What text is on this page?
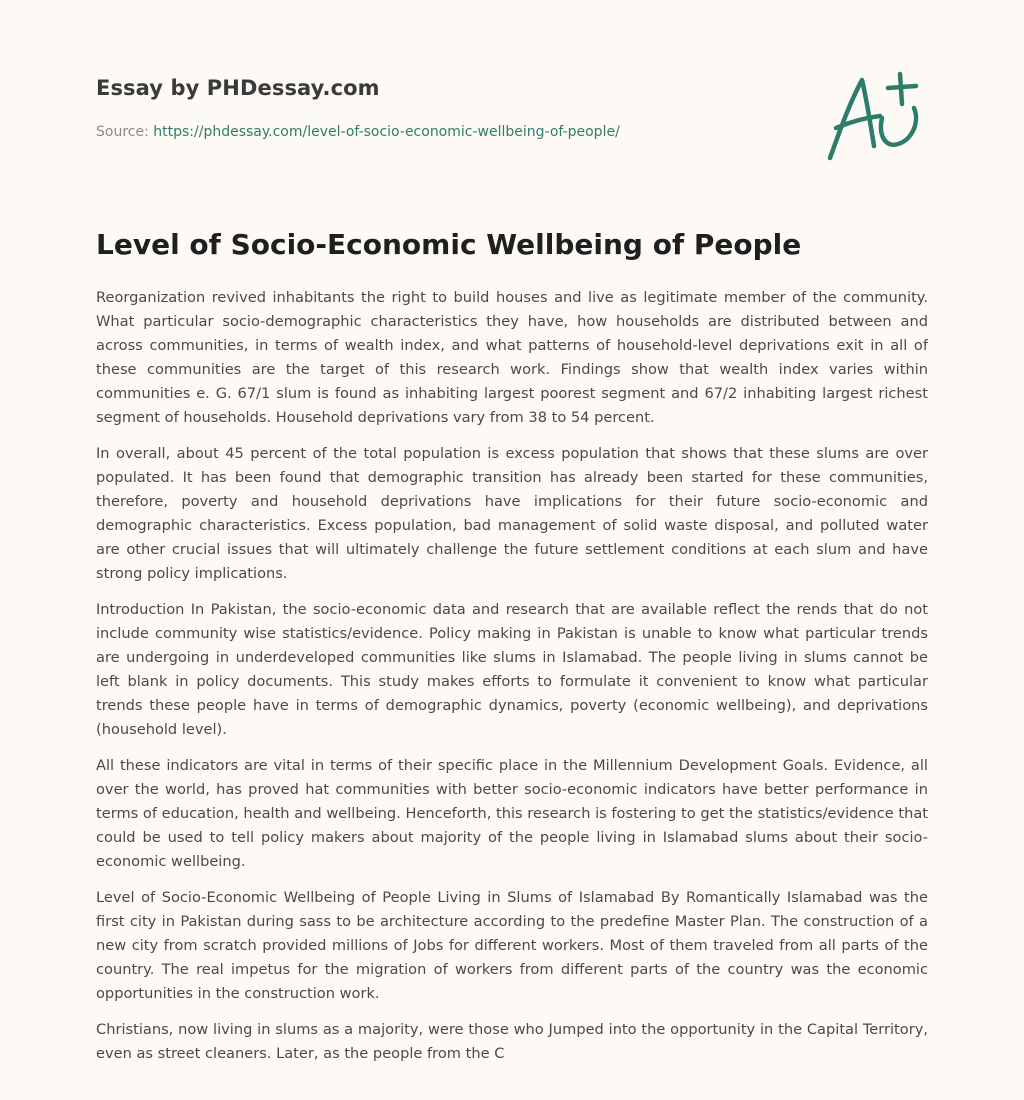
Essay by PHDessay.com
Source: https://phdessay.com/level-of-socio-economic-wellbeing-of-people/
Level of Socio-Economic Wellbeing of People

Reorganization revived inhabitants the right to build houses and live as legitimate member of the community. What particular socio-demographic characteristics they have, how households are distributed between and across communities, in terms of wealth index, and what patterns of household-level deprivations exit in all of these communities are the target of this research work. Findings show that wealth index varies within communities e. G. 67/1 slum is found as inhabiting largest poorest segment and 67/2 inhabiting largest richest segment of households. Household deprivations vary from 38 to 54 percent.

In overall, about 45 percent of the total population is excess population that shows that these slums are over populated. It has been found that demographic transition has already been started for these communities, therefore, poverty and household deprivations have implications for their future socio-economic and demographic characteristics. Excess population, bad management of solid waste disposal, and polluted water are other crucial issues that will ultimately challenge the future settlement conditions at each slum and have strong policy implications.

Introduction In Pakistan, the socio-economic data and research that are available reflect the rends that do not include community wise statistics/evidence. Policy making in Pakistan is unable to know what particular trends are undergoing in underdeveloped communities like slums in Islamabad. The people living in slums cannot be left blank in policy documents. This study makes efforts to formulate it convenient to know what particular trends these people have in terms of demographic dynamics, poverty (economic wellbeing), and deprivations (household level).

All these indicators are vital in terms of their specific place in the Millennium Development Goals. Evidence, all over the world, has proved hat communities with better socio-economic indicators have better performance in terms of education, health and wellbeing. Henceforth, this research is fostering to get the statistics/evidence that could be used to tell policy makers about majority of the people living in Islamabad slums about their socio-economic wellbeing.

Level of Socio-Economic Wellbeing of People Living in Slums of Islamabad By Romantically Islamabad was the first city in Pakistan during sass to be architecture according to the predefine Master Plan. The construction of a new city from scratch provided millions of Jobs for different workers. Most of them traveled from all parts of the country. The real impetus for the migration of workers from different parts of the country was the economic opportunities in the construction work.

Christians, now living in slums as a majority, were those who Jumped into the opportunity in the Capital Territory, even as street cleaners. Later, as the people from the C
